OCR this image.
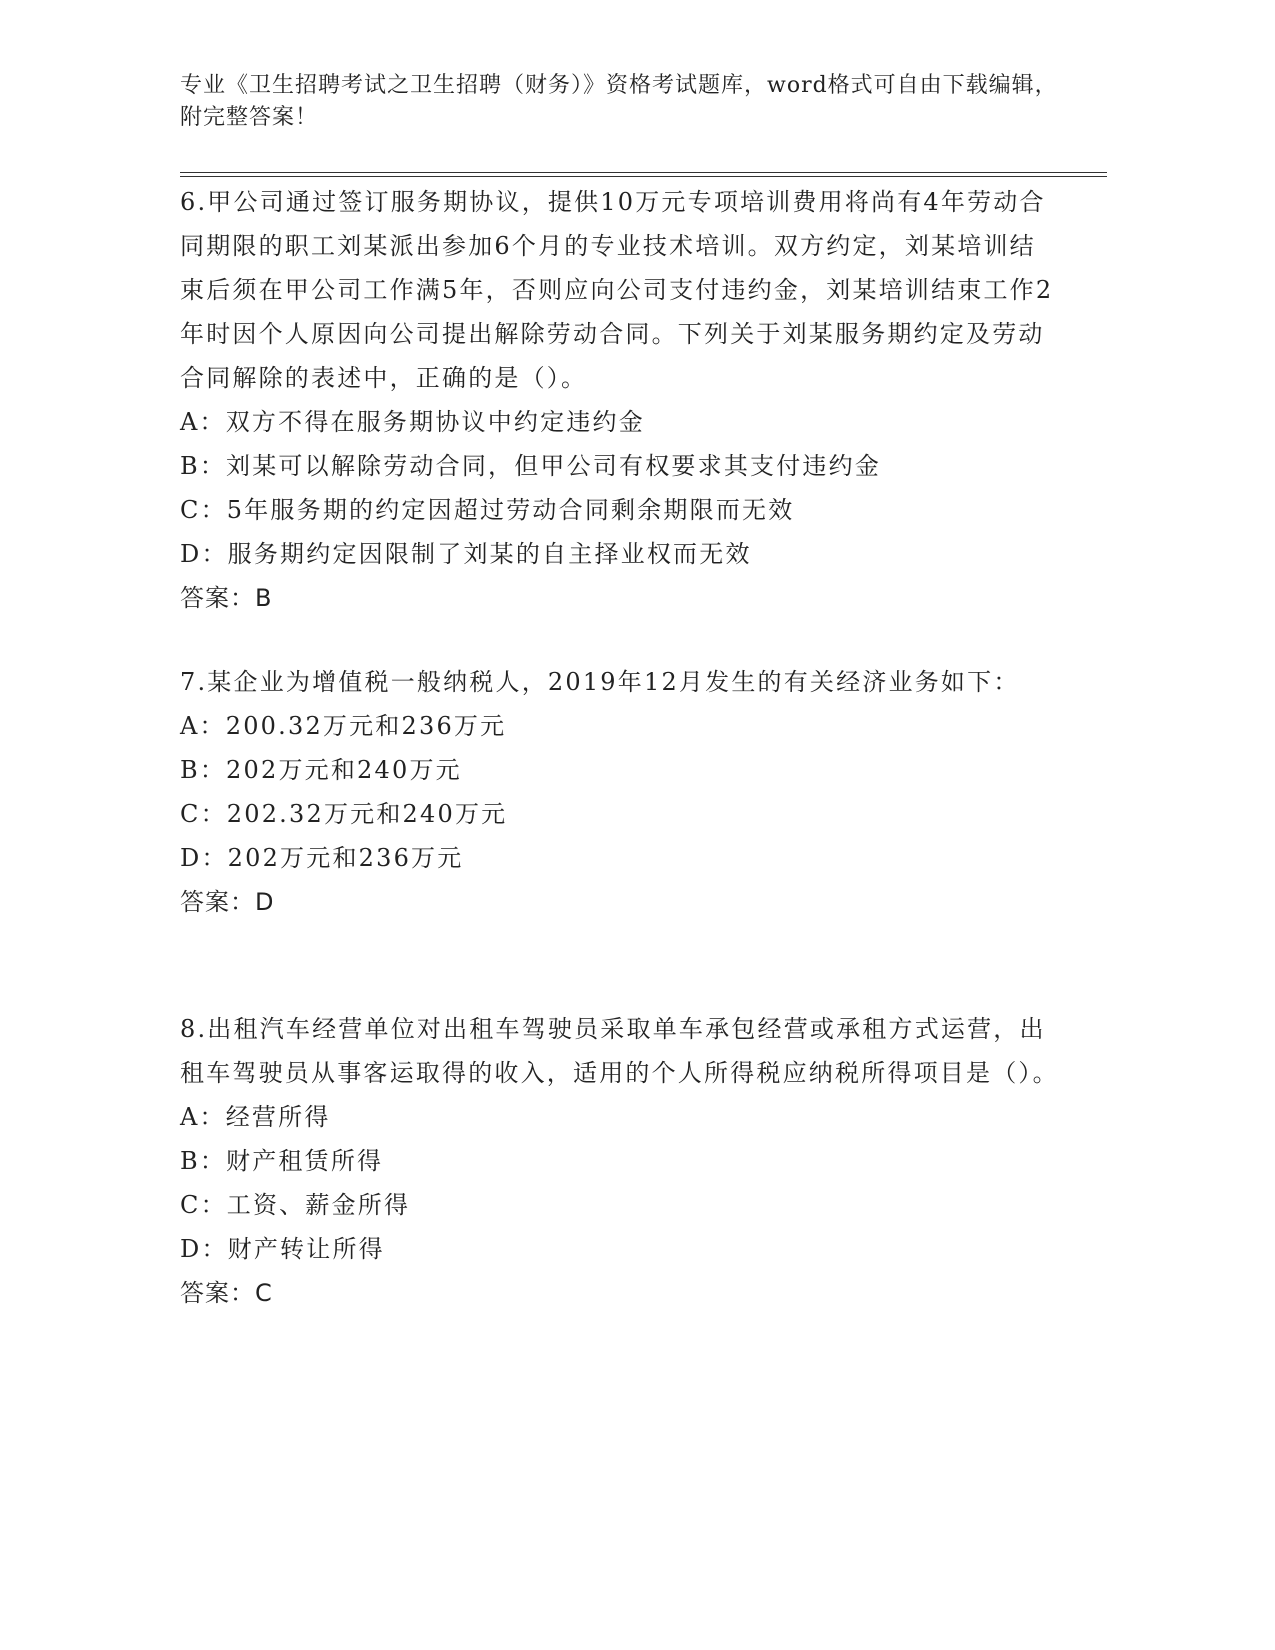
专业《卫生招聘考试之卫生招聘（财务）》资格考试题库，word格式可自由下载编辑，附完整答案！
6.甲公司通过签订服务期协议，提供10万元专项培训费用将尚有4年劳动合同期限的职工刘某派出参加6个月的专业技术培训。双方约定，刘某培训结束后须在甲公司工作满5年，否则应向公司支付违约金，刘某培训结束工作2年时因个人原因向公司提出解除劳动合同。下列关于刘某服务期约定及劳动合同解除的表述中，正确的是（）。
A：双方不得在服务期协议中约定违约金
B：刘某可以解除劳动合同，但甲公司有权要求其支付违约金
C：5年服务期的约定因超过劳动合同剩余期限而无效
D：服务期约定因限制了刘某的自主择业权而无效
答案：B
7.某企业为增值税一般纳税人，2019年12月发生的有关经济业务如下：
A：200.32万元和236万元
B：202万元和240万元
C：202.32万元和240万元
D：202万元和236万元
答案：D
8.出租汽车经营单位对出租车驾驶员采取单车承包经营或承租方式运营，出租车驾驶员从事客运取得的收入，适用的个人所得税应纳税所得项目是（）。
A：经营所得
B：财产租赁所得
C：工资、薪金所得
D：财产转让所得
答案：C
